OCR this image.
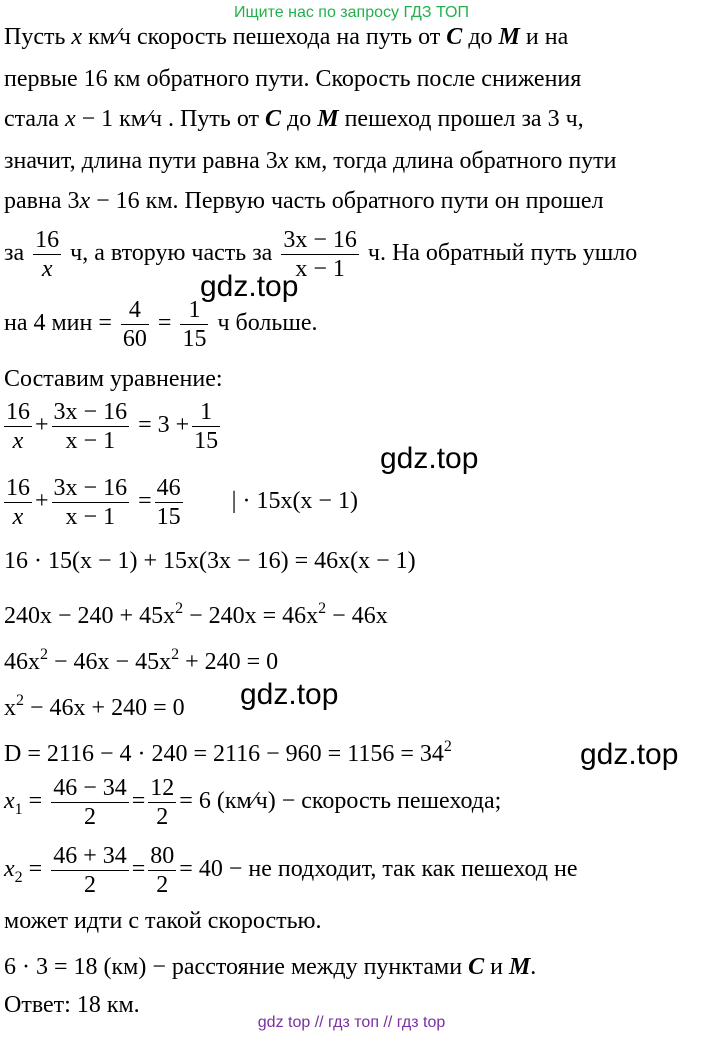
Ищите нас по запросу ГДЗ ТОП
Пусть x км⁄ч скорость пешехода на путь от C до M и на
первые 16 км обратного пути. Скорость после снижения
стала x − 1 км⁄ч . Путь от C до M пешеход прошел за 3 ч,
значит, длина пути равна 3x км, тогда длина обратного пути
равна 3x − 16 км. Первую часть обратного пути он прошел
за $\frac{16}{x} ч$, а вторую часть за $\frac{3x - 16}{x - 1} ч$. На обратный путь ушло
на 4 мин = $\frac{4}{60} = \frac{1}{15}$ ч больше.
Составим уравнение:
$\frac{16}{x} + \frac{3x - 16}{x - 1} = 3 + \frac{1}{15}$
$\frac{16}{x} + \frac{3x - 16}{x - 1} = \frac{46}{15}$ | · 15x(x − 1)
16 · 15(x − 1) + 15x(3x − 16) = 46x(x − 1)
$240x - 240 + 45x^2 - 240x = 46x^2 - 46x$
$46x^2 - 46x - 45x^2 + 240 = 0$
$x^2 - 46x + 240 = 0$
$D = 2116 - 4 \cdot 240 = 2116 - 960 = 1156 = 34^2$
$x_1 = \frac{46 - 34}{2} = \frac{12}{2} = 6$ (км⁄ч) − скорость пешехода;
$x_2 = \frac{46 + 34}{2} = \frac{80}{2} = 40$ − не подходит, так как пешеход не
может идти с такой скоростью.
6 · 3 = 18 (км) − расстояние между пунктами C и M.
Ответ: 18 км.
gdz.top
gdz.top
gdz.top
gdz.top
gdz top // гдз топ // гдз top
